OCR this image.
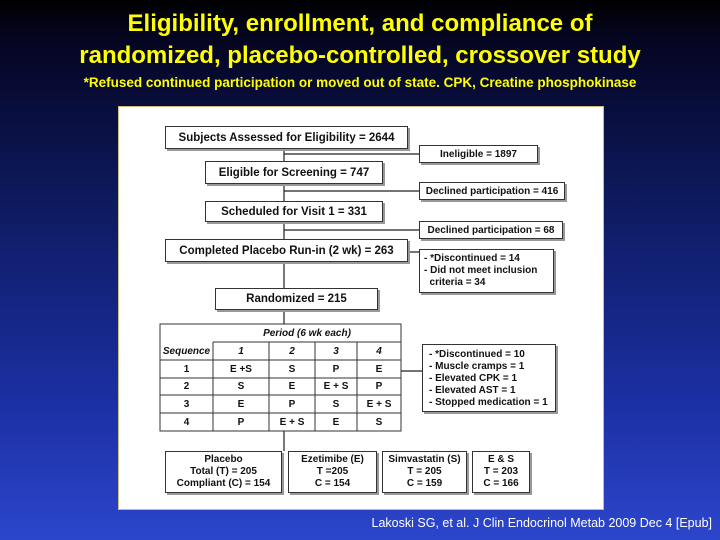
Eligibility, enrollment, and compliance of
randomized, placebo-controlled, crossover study

*Refused continued participation or moved out of state. CPK, Creatine phosphokinase

Subjects Assessed for Eligibility = 2644
Ineligible = 1897
Eligible for Screening = 747
Declined participation = 416
Scheduled for Visit 1 = 331
Declined participation = 68
Completed Placebo Run-in (2 wk) = 263
- *Discontinued = 14
- Did not meet inclusion
criteria = 34
Randomized = 215
Period (6 wk each)
Sequence	1	2	3	4
1	E +S	S	P	E
2	S	E	E + S	P
3	E	P	S	E + S
4	P	E + S	E	S
- *Discontinued = 10
- Muscle cramps = 1
- Elevated CPK = 1
- Elevated AST = 1
- Stopped medication = 1
Placebo
Total (T) = 205
Compliant (C) = 154
Ezetimibe (E)
T =205
C = 154
Simvastatin (S)
T = 205
C = 159
E & S
T = 203
C = 166

Lakoski SG, et al. J Clin Endocrinol Metab 2009 Dec 4 [Epub]
